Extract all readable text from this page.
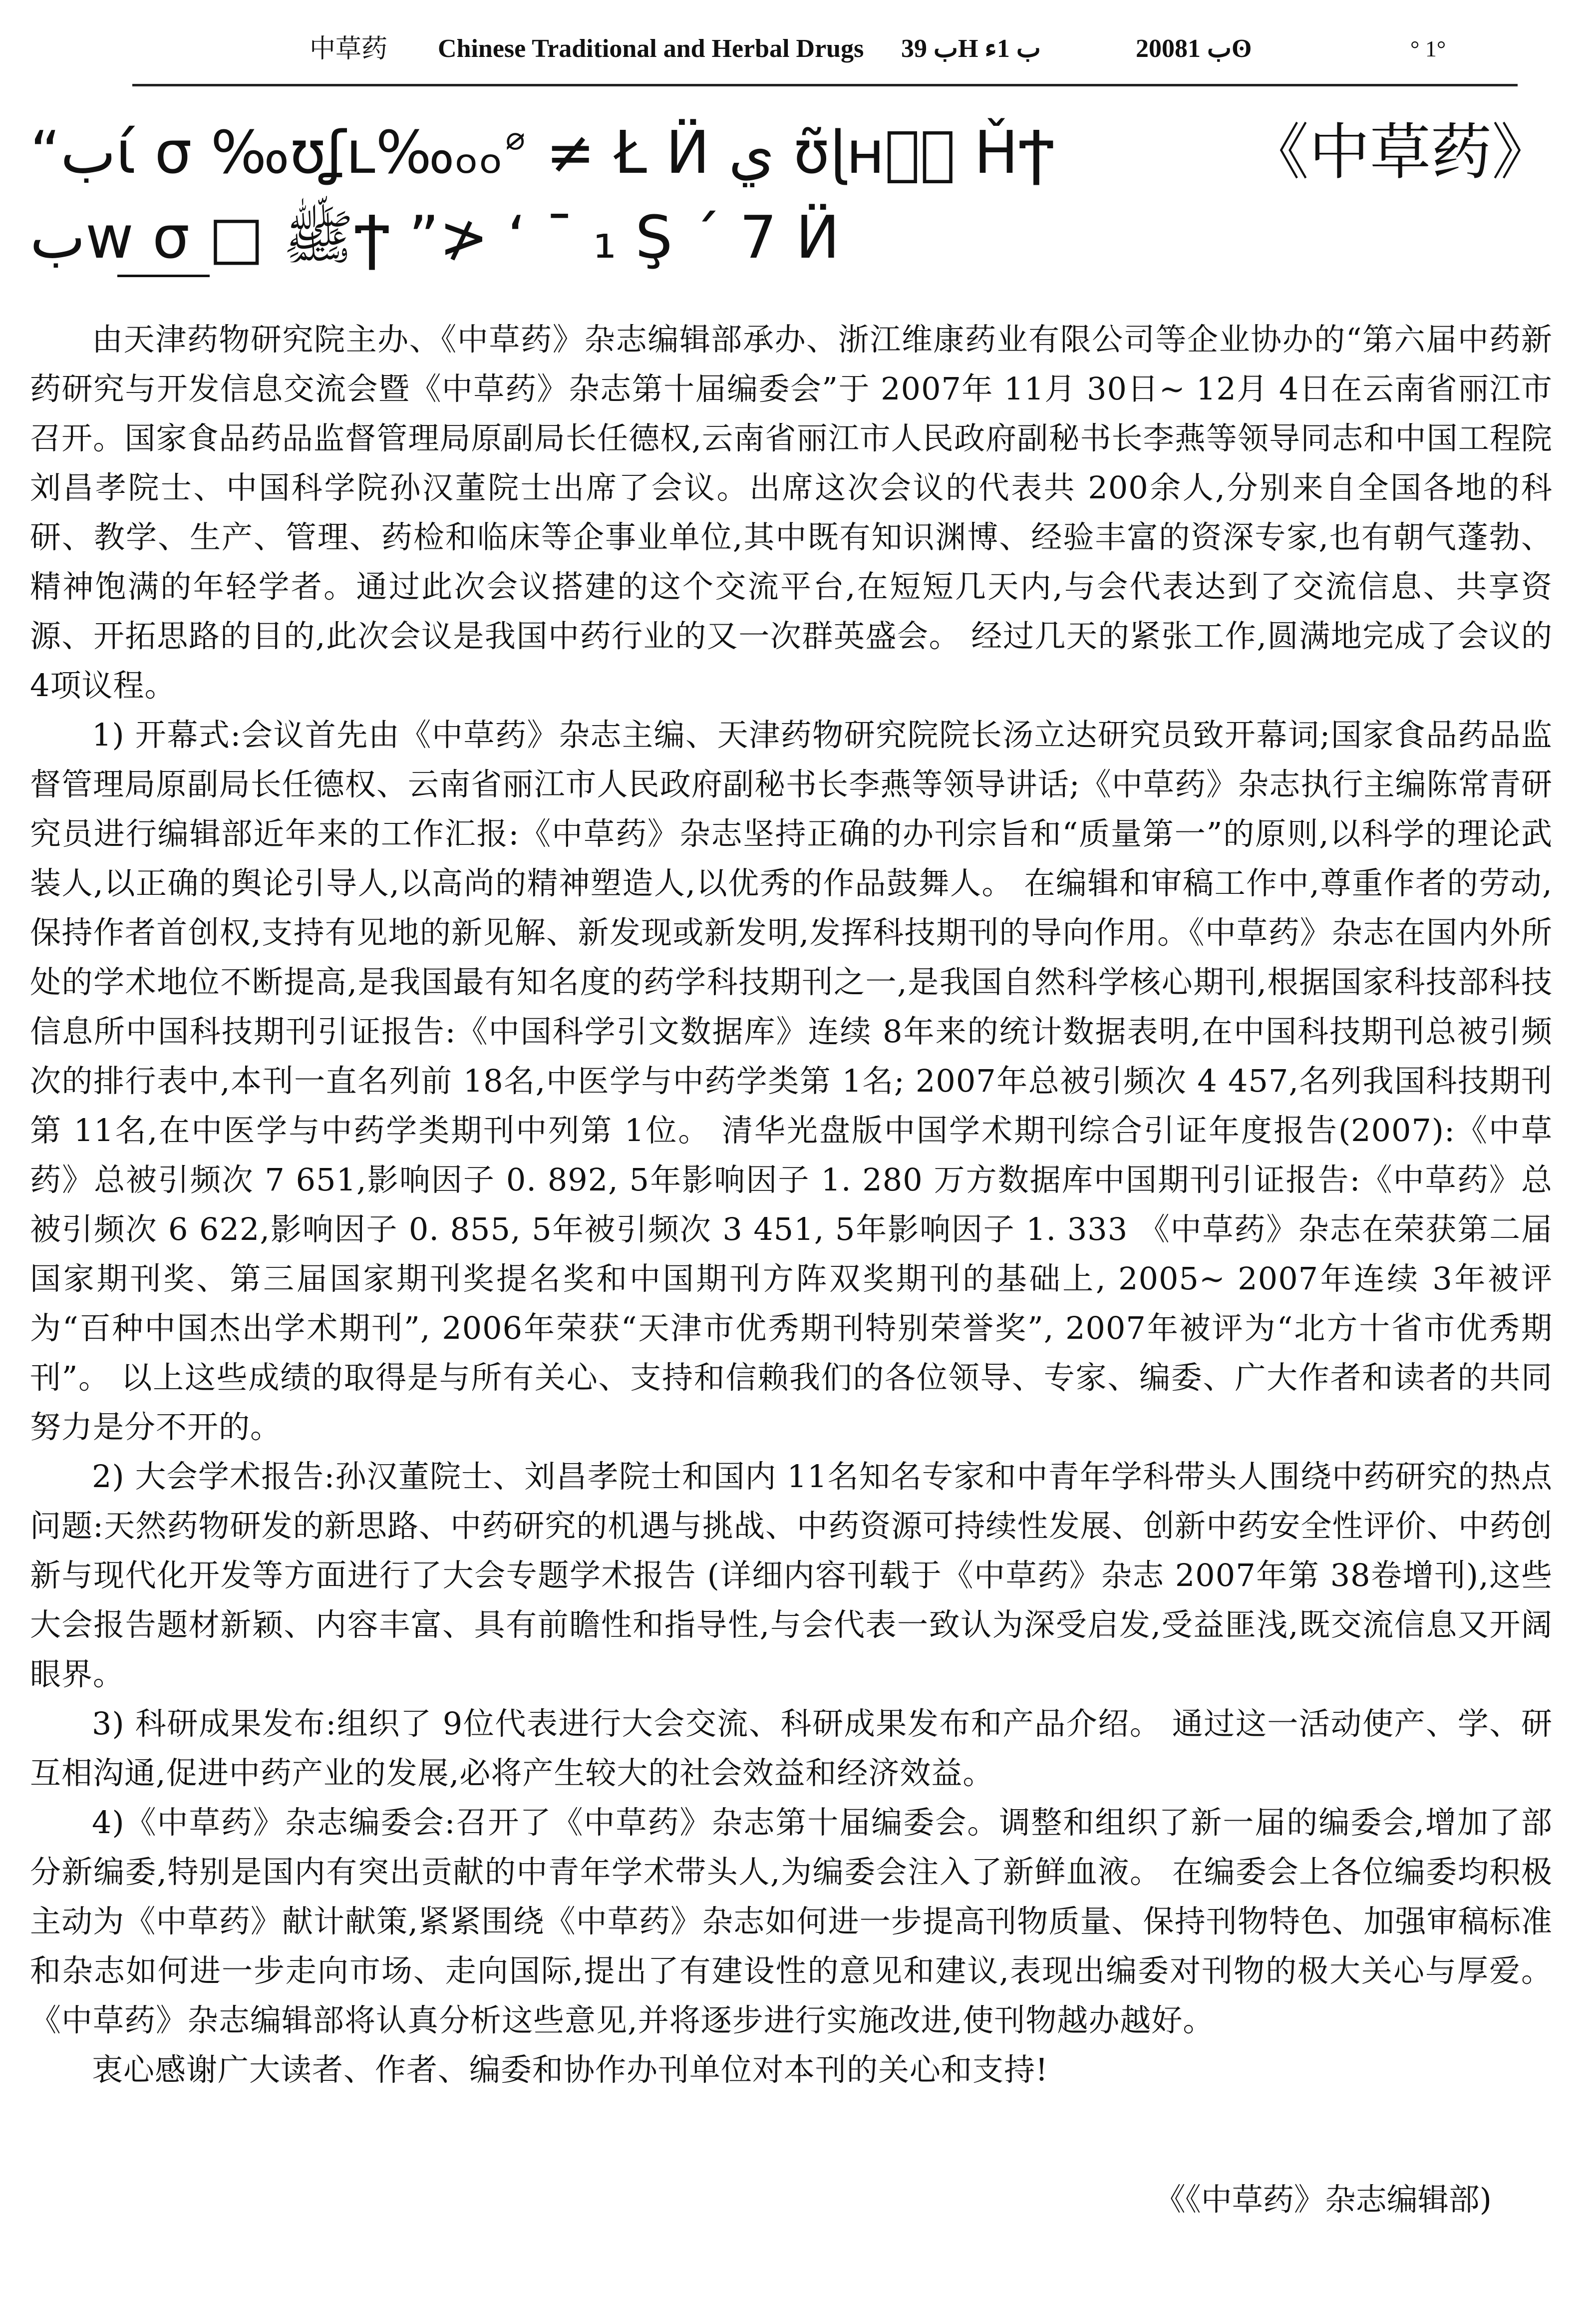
中草药 Chinese Traditional and Herbal Drugs ب 39H ب 1ﺀ	2008ب 1ʘ	° 1°
“بί σ ‰ʊʆʟ‰ₒₒ𝆩 ≠ Ł Ӥ ي ʊ͂ɭʜ﷽⃣ ȞϮ	《中草药》
بw σ □ ﷺϮ ”≯ ʻ ¯ ₁ Ş ˊ 7 Ӥ

由天津药物研究院主办、《中草药》杂志编辑部承办、浙江维康药业有限公司等企业协办的“第六届中药新药研究与开发信息交流会暨《中草药》杂志第十届编委会”于 2007年 11月 30日~ 12月 4日在云南省丽江市召开。国家食品药品监督管理局原副局长任德权,云南省丽江市人民政府副秘书长李燕等领导同志和中国工程院刘昌孝院士、中国科学院孙汉董院士出席了会议。出席这次会议的代表共 200余人,分别来自全国各地的科研、教学、生产、管理、药检和临床等企事业单位,其中既有知识渊博、经验丰富的资深专家,也有朝气蓬勃、精神饱满的年轻学者。通过此次会议搭建的这个交流平台,在短短几天内,与会代表达到了交流信息、共享资源、开拓思路的目的,此次会议是我国中药行业的又一次群英盛会。 经过几天的紧张工作,圆满地完成了会议的 4项议程。

1) 开幕式:会议首先由《中草药》杂志主编、天津药物研究院院长汤立达研究员致开幕词;国家食品药品监督管理局原副局长任德权、云南省丽江市人民政府副秘书长李燕等领导讲话;《中草药》杂志执行主编陈常青研究员进行编辑部近年来的工作汇报:《中草药》杂志坚持正确的办刊宗旨和“质量第一”的原则,以科学的理论武装人,以正确的舆论引导人,以高尚的精神塑造人,以优秀的作品鼓舞人。 在编辑和审稿工作中,尊重作者的劳动,保持作者首创权,支持有见地的新见解、新发现或新发明,发挥科技期刊的导向作用。《中草药》杂志在国内外所处的学术地位不断提高,是我国最有知名度的药学科技期刊之一,是我国自然科学核心期刊,根据国家科技部科技信息所中国科技期刊引证报告:《中国科学引文数据库》连续 8年来的统计数据表明,在中国科技期刊总被引频次的排行表中,本刊一直名列前 18名,中医学与中药学类第 1名; 2007年总被引频次 4 457,名列我国科技期刊第 11名,在中医学与中药学类期刊中列第 1位。 清华光盘版中国学术期刊综合引证年度报告(2007):《中草药》总被引频次 7 651,影响因子 0. 892, 5年影响因子 1. 280 万方数据库中国期刊引证报告:《中草药》总被引频次 6 622,影响因子 0. 855, 5年被引频次 3 451, 5年影响因子 1. 333 《中草药》杂志在荣获第二届国家期刊奖、第三届国家期刊奖提名奖和中国期刊方阵双奖期刊的基础上, 2005~ 2007年连续 3年被评为“百种中国杰出学术期刊”, 2006年荣获“天津市优秀期刊特别荣誉奖”, 2007年被评为“北方十省市优秀期刊”。 以上这些成绩的取得是与所有关心、支持和信赖我们的各位领导、专家、编委、广大作者和读者的共同努力是分不开的。

2) 大会学术报告:孙汉董院士、刘昌孝院士和国内 11名知名专家和中青年学科带头人围绕中药研究的热点问题:天然药物研发的新思路、中药研究的机遇与挑战、中药资源可持续性发展、创新中药安全性评价、中药创新与现代化开发等方面进行了大会专题学术报告 (详细内容刊载于《中草药》杂志 2007年第 38卷增刊),这些大会报告题材新颖、内容丰富、具有前瞻性和指导性,与会代表一致认为深受启发,受益匪浅,既交流信息又开阔眼界。

3) 科研成果发布:组织了 9位代表进行大会交流、科研成果发布和产品介绍。 通过这一活动使产、学、研互相沟通,促进中药产业的发展,必将产生较大的社会效益和经济效益。

4)《中草药》杂志编委会:召开了《中草药》杂志第十届编委会。调整和组织了新一届的编委会,增加了部分新编委,特别是国内有突出贡献的中青年学术带头人,为编委会注入了新鲜血液。 在编委会上各位编委均积极主动为《中草药》献计献策,紧紧围绕《中草药》杂志如何进一步提高刊物质量、保持刊物特色、加强审稿标准和杂志如何进一步走向市场、走向国际,提出了有建设性的意见和建议,表现出编委对刊物的极大关心与厚爱。《中草药》杂志编辑部将认真分析这些意见,并将逐步进行实施改进,使刊物越办越好。

衷心感谢广大读者、作者、编委和协作办刊单位对本刊的关心和支持!

《《中草药》杂志编辑部)
